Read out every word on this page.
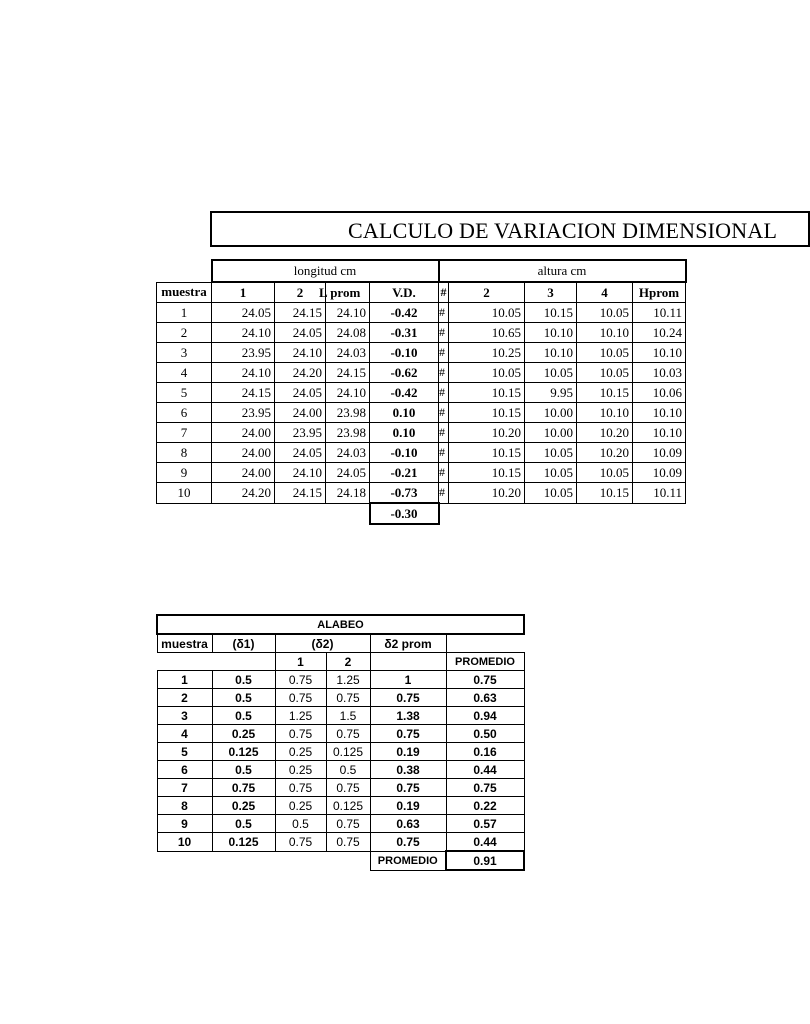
CALCULO DE VARIACION DIMENSIONAL
	longitud cm				altura cm				
muestra	1	2	L prom	V.D.	#	2	3	4	Hprom
1	24.05	24.15	24.10	-0.42	#	10.05	10.15	10.05	10.11
2	24.10	24.05	24.08	-0.31	#	10.65	10.10	10.10	10.24
3	23.95	24.10	24.03	-0.10	#	10.25	10.10	10.05	10.10
4	24.10	24.20	24.15	-0.62	#	10.05	10.05	10.05	10.03
5	24.15	24.05	24.10	-0.42	#	10.15	9.95	10.15	10.06
6	23.95	24.00	23.98	0.10	#	10.15	10.00	10.10	10.10
7	24.00	23.95	23.98	0.10	#	10.20	10.00	10.20	10.10
8	24.00	24.05	24.03	-0.10	#	10.15	10.05	10.20	10.09
9	24.00	24.10	24.05	-0.21	#	10.15	10.05	10.05	10.09
10	24.20	24.15	24.18	-0.73	#	10.20	10.05	10.15	10.11
				-0.30					
ALABEO					
muestra	(δ1)	(δ2)		δ2 prom	
		1	2		PROMEDIO
1	0.5	0.75	1.25	1	0.75
2	0.5	0.75	0.75	0.75	0.63
3	0.5	1.25	1.5	1.38	0.94
4	0.25	0.75	0.75	0.75	0.50
5	0.125	0.25	0.125	0.19	0.16
6	0.5	0.25	0.5	0.38	0.44
7	0.75	0.75	0.75	0.75	0.75
8	0.25	0.25	0.125	0.19	0.22
9	0.5	0.5	0.75	0.63	0.57
10	0.125	0.75	0.75	0.75	0.44
				PROMEDIO	0.91
